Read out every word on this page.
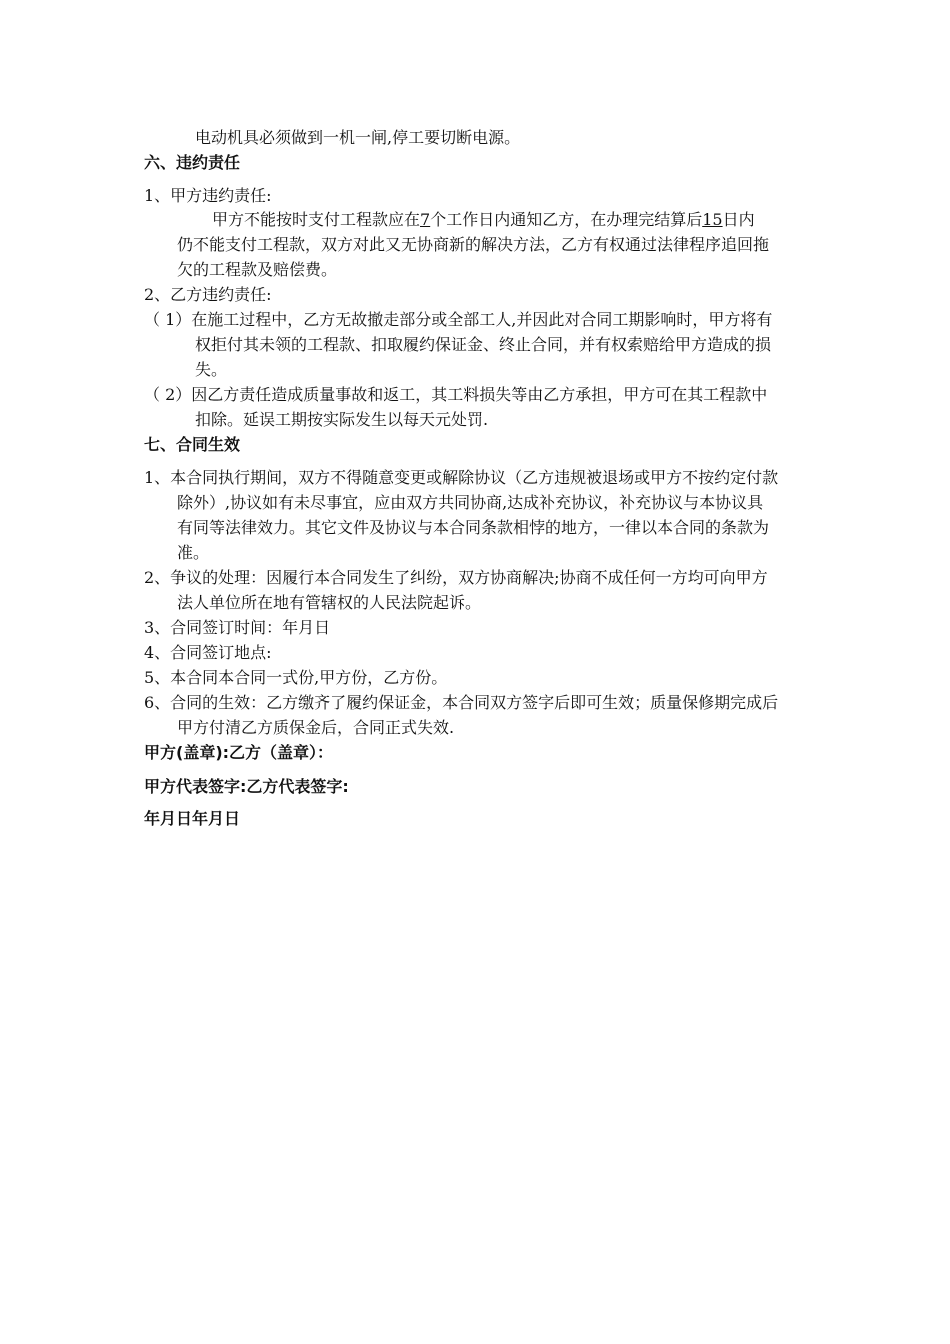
电动机具必须做到一机一闸,停工要切断电源。
六、违约责任
1、甲方违约责任:
甲方不能按时支付工程款应在7个工作日内通知乙方，在办理完结算后15日内
仍不能支付工程款，双方对此又无协商新的解决方法，乙方有权通过法律程序追回拖
欠的工程款及赔偿费。
2、乙方违约责任:
（ 1）在施工过程中，乙方无故撤走部分或全部工人,并因此对合同工期影响时，甲方将有
权拒付其未领的工程款、扣取履约保证金、终止合同，并有权索赔给甲方造成的损
失。
（ 2）因乙方责任造成质量事故和返工，其工料损失等由乙方承担，甲方可在其工程款中
扣除。延误工期按实际发生以每天元处罚.
七、合同生效
1、本合同执行期间，双方不得随意变更或解除协议（乙方违规被退场或甲方不按约定付款
除外）,协议如有未尽事宜，应由双方共同协商,达成补充协议，补充协议与本协议具
有同等法律效力。其它文件及协议与本合同条款相悖的地方，一律以本合同的条款为
准。
2、争议的处理：因履行本合同发生了纠纷，双方协商解决;协商不成任何一方均可向甲方
法人单位所在地有管辖权的人民法院起诉。
3、合同签订时间：年月日
4、合同签订地点:
5、本合同本合同一式份,甲方份，乙方份。
6、合同的生效：乙方缴齐了履约保证金，本合同双方签字后即可生效；质量保修期完成后
甲方付清乙方质保金后，合同正式失效.
甲方(盖章):乙方（盖章）：
甲方代表签字:乙方代表签字:
年月日年月日
